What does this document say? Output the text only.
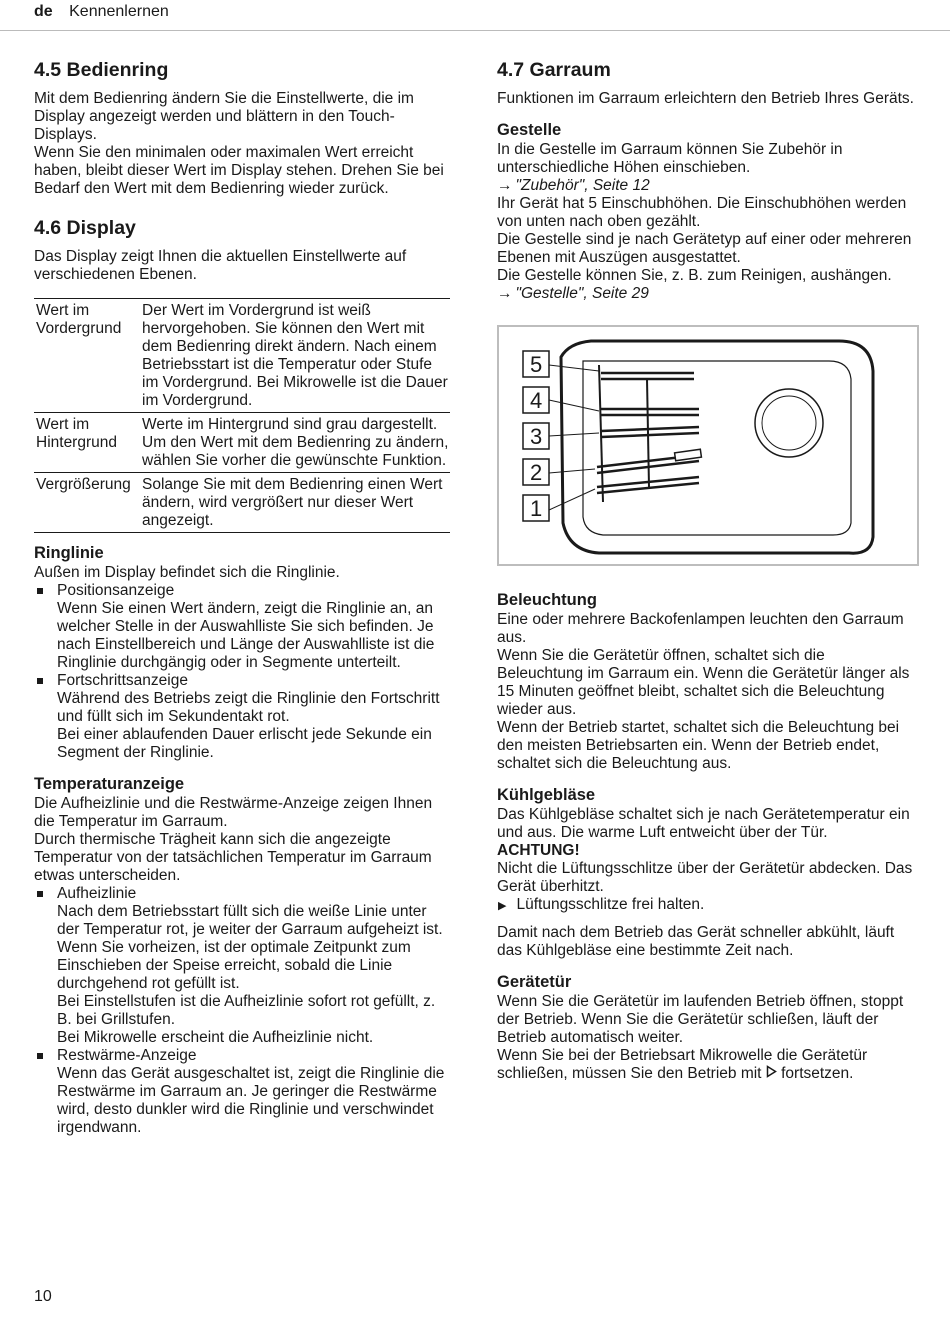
de Kennenlernen
4.5 Bedienring

Mit dem Bedienring ändern Sie die Einstellwerte, die im Display angezeigt werden und blättern in den Touch-Displays.

Wenn Sie den minimalen oder maximalen Wert erreicht haben, bleibt dieser Wert im Display stehen. Drehen Sie bei Bedarf den Wert mit dem Bedienring wieder zurück.

4.6 Display

Das Display zeigt Ihnen die aktuellen Einstellwerte auf verschiedenen Ebenen.

Wert im Vordergrund	Der Wert im Vordergrund ist weiß hervorgehoben. Sie können den Wert mit dem Bedienring direkt ändern. Nach einem Betriebsstart ist die Temperatur oder Stufe im Vordergrund. Bei Mikrowelle ist die Dauer im Vordergrund.
Wert im Hintergrund	Werte im Hintergrund sind grau dargestellt. Um den Wert mit dem Bedienring zu ändern, wählen Sie vorher die gewünschte Funktion.
Vergrößerung	Solange Sie mit dem Bedienring einen Wert ändern, wird vergrößert nur dieser Wert angezeigt.
Ringlinie

Außen im Display befindet sich die Ringlinie.

Positionsanzeige
Wenn Sie einen Wert ändern, zeigt die Ringlinie an, an welcher Stelle in der Auswahlliste Sie sich befinden. Je nach Einstellbereich und Länge der Auswahlliste ist die Ringlinie durchgängig oder in Segmente unterteilt.
Fortschrittsanzeige
Während des Betriebs zeigt die Ringlinie den Fortschritt und füllt sich im Sekundentakt rot.
Bei einer ablaufenden Dauer erlischt jede Sekunde ein Segment der Ringlinie.
Temperaturanzeige

Die Aufheizlinie und die Restwärme-Anzeige zeigen Ihnen die Temperatur im Garraum.

Durch thermische Trägheit kann sich die angezeigte Temperatur von der tatsächlichen Temperatur im Garraum etwas unterscheiden.

Aufheizlinie
Nach dem Betriebsstart füllt sich die weiße Linie unter der Temperatur rot, je weiter der Garraum aufgeheizt ist. Wenn Sie vorheizen, ist der optimale Zeitpunkt zum Einschieben der Speise erreicht, sobald die Linie durchgehend rot gefüllt ist.
Bei Einstellstufen ist die Aufheizlinie sofort rot gefüllt, z. B. bei Grillstufen.
Bei Mikrowelle erscheint die Aufheizlinie nicht.
Restwärme-Anzeige
Wenn das Gerät ausgeschaltet ist, zeigt die Ringlinie die Restwärme im Garraum an. Je geringer die Restwärme wird, desto dunkler wird die Ringlinie und verschwindet irgendwann.
4.7 Garraum

Funktionen im Garraum erleichtern den Betrieb Ihres Geräts.

Gestelle

In die Gestelle im Garraum können Sie Zubehör in unterschiedliche Höhen einschieben.

→ "Zubehör", Seite 12

Ihr Gerät hat 5 Einschubhöhen. Die Einschubhöhen werden von unten nach oben gezählt.

Die Gestelle sind je nach Gerätetyp auf einer oder mehreren Ebenen mit Auszügen ausgestattet.

Die Gestelle können Sie, z. B. zum Reinigen, aushängen.

→ "Gestelle", Seite 29
5
4
3
2
1
Beleuchtung

Eine oder mehrere Backofenlampen leuchten den Garraum aus.

Wenn Sie die Gerätetür öffnen, schaltet sich die Beleuchtung im Garraum ein. Wenn die Gerätetür länger als 15 Minuten geöffnet bleibt, schaltet sich die Beleuchtung wieder aus.

Wenn der Betrieb startet, schaltet sich die Beleuchtung bei den meisten Betriebsarten ein. Wenn der Betrieb endet, schaltet sich die Beleuchtung aus.

Kühlgebläse

Das Kühlgebläse schaltet sich je nach Gerätetemperatur ein und aus. Die warme Luft entweicht über der Tür.

ACHTUNG!

Nicht die Lüftungsschlitze über der Gerätetür abdecken. Das Gerät überhitzt.

▶ Lüftungsschlitze frei halten.

Damit nach dem Betrieb das Gerät schneller abkühlt, läuft das Kühlgebläse eine bestimmte Zeit nach.

Gerätetür

Wenn Sie die Gerätetür im laufenden Betrieb öffnen, stoppt der Betrieb. Wenn Sie die Gerätetür schließen, läuft der Betrieb automatisch weiter.

Wenn Sie bei der Betriebsart Mikrowelle die Gerätetür schließen, müssen Sie den Betrieb mit fortsetzen.

10
